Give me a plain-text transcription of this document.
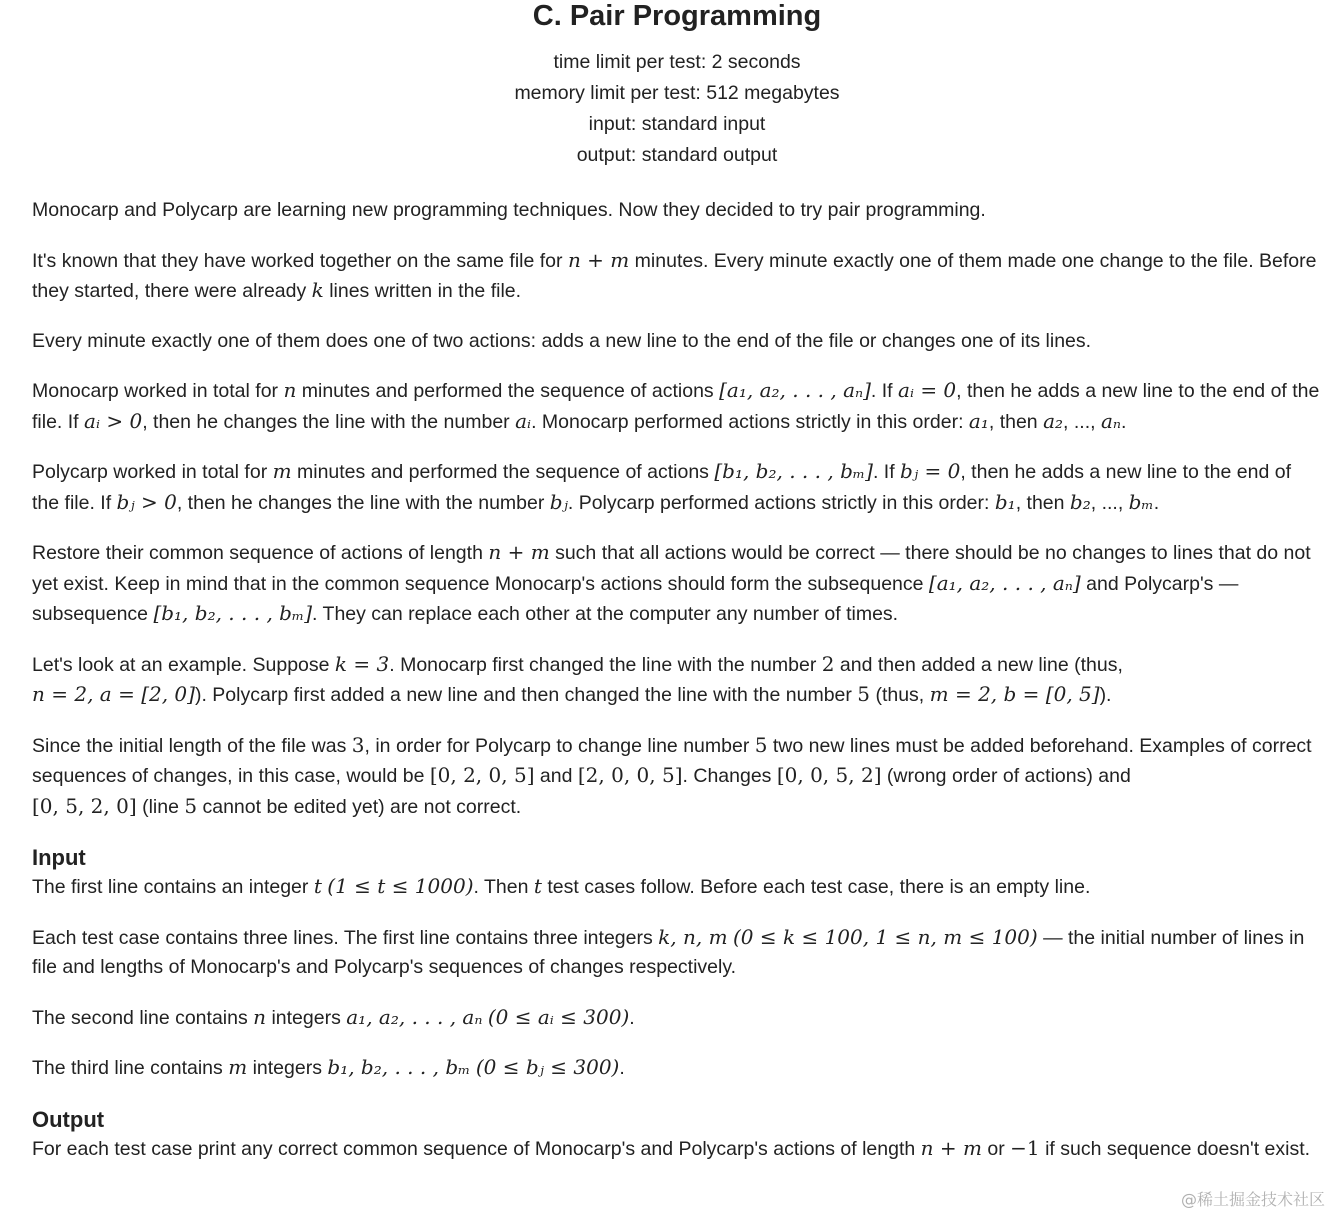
C. Pair Programming
time limit per test: 2 seconds
memory limit per test: 512 megabytes
input: standard input
output: standard output

Monocarp and Polycarp are learning new programming techniques. Now they decided to try pair programming.

It's known that they have worked together on the same file for n + m minutes. Every minute exactly one of them made one change to the file. Before they started, there were already k lines written in the file.

Every minute exactly one of them does one of two actions: adds a new line to the end of the file or changes one of its lines.

Monocarp worked in total for n minutes and performed the sequence of actions [a₁, a₂, . . . , aₙ]. If aᵢ = 0, then he adds a new line to the end of the file. If aᵢ > 0, then he changes the line with the number aᵢ. Monocarp performed actions strictly in this order: a₁, then a₂, ..., aₙ.

Polycarp worked in total for m minutes and performed the sequence of actions [b₁, b₂, . . . , bₘ]. If bⱼ = 0, then he adds a new line to the end of the file. If bⱼ > 0, then he changes the line with the number bⱼ. Polycarp performed actions strictly in this order: b₁, then b₂, ..., bₘ.

Restore their common sequence of actions of length n + m such that all actions would be correct — there should be no changes to lines that do not yet exist. Keep in mind that in the common sequence Monocarp's actions should form the subsequence [a₁, a₂, . . . , aₙ] and Polycarp's — subsequence [b₁, b₂, . . . , bₘ]. They can replace each other at the computer any number of times.

Let's look at an example. Suppose k = 3. Monocarp first changed the line with the number 2 and then added a new line (thus,
n = 2, a = [2, 0]). Polycarp first added a new line and then changed the line with the number 5 (thus, m = 2, b = [0, 5]).

Since the initial length of the file was 3, in order for Polycarp to change line number 5 two new lines must be added beforehand. Examples of correct sequences of changes, in this case, would be [0, 2, 0, 5] and [2, 0, 0, 5]. Changes [0, 0, 5, 2] (wrong order of actions) and
[0, 5, 2, 0] (line 5 cannot be edited yet) are not correct.

Input

The first line contains an integer t (1 ≤ t ≤ 1000). Then t test cases follow. Before each test case, there is an empty line.

Each test case contains three lines. The first line contains three integers k, n, m (0 ≤ k ≤ 100, 1 ≤ n, m ≤ 100) — the initial number of lines in file and lengths of Monocarp's and Polycarp's sequences of changes respectively.

The second line contains n integers a₁, a₂, . . . , aₙ (0 ≤ aᵢ ≤ 300).

The third line contains m integers b₁, b₂, . . . , bₘ (0 ≤ bⱼ ≤ 300).

Output

For each test case print any correct common sequence of Monocarp's and Polycarp's actions of length n + m or −1 if such sequence doesn't exist.

@稀土掘金技术社区
